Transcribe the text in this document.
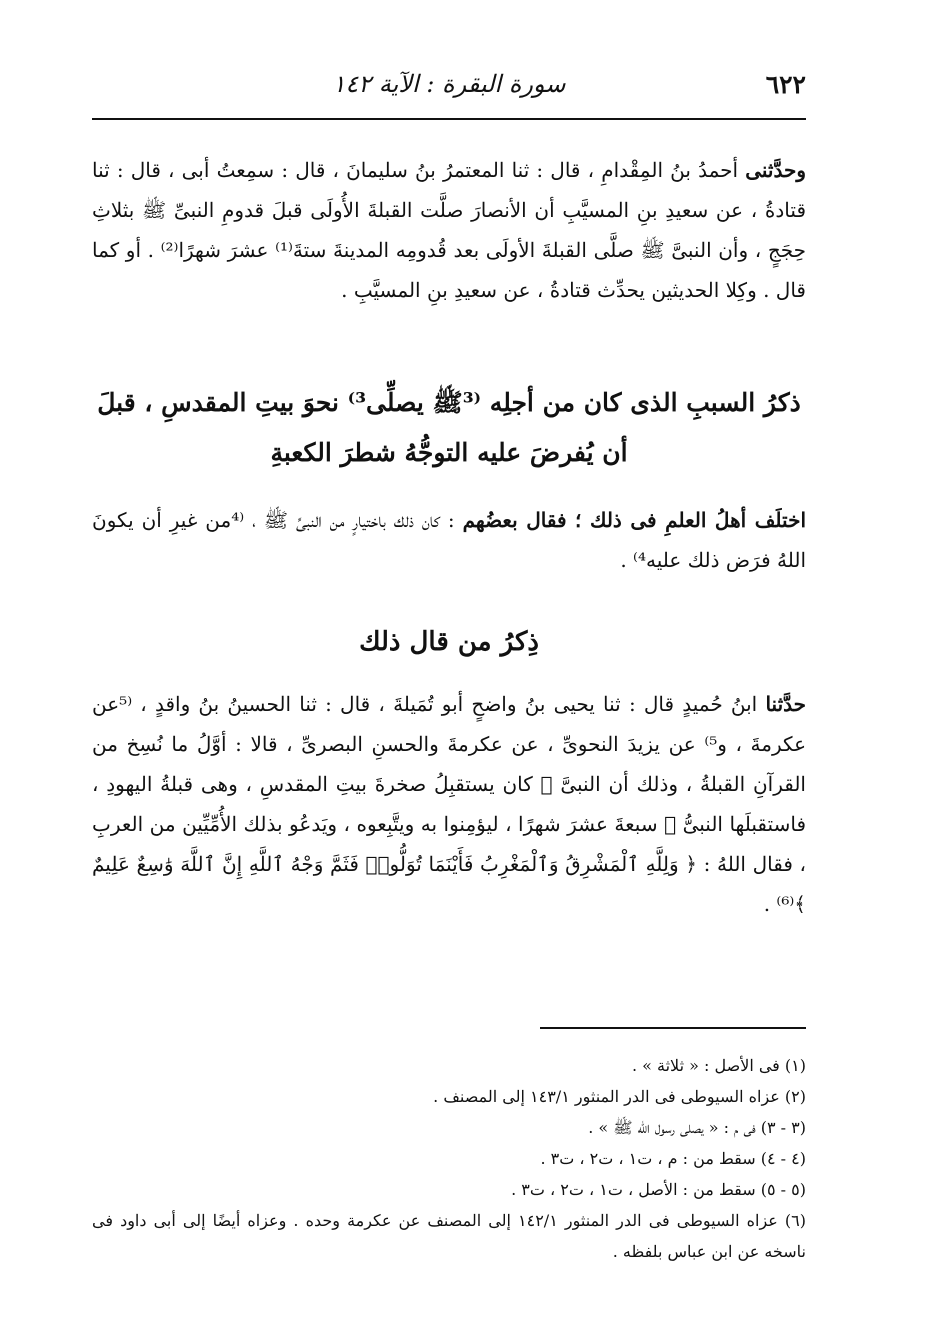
٦٢٢
سورة البقرة : الآية ١٤٢

وحدَّثنى أحمدُ بنُ المِقْدامِ ، قال : ثنا المعتمرُ بنُ سليمانَ ، قال : سمِعتُ أبى ، قال : ثنا قتادةُ ، عن سعيدِ بنِ المسيَّبِ أن الأنصارَ صلَّت القبلةَ الأُولَى قبلَ قدومِ النبىِّ ﷺ بثلاثِ حِجَجٍ ، وأن النبىَّ ﷺ صلَّى القبلةَ الأولَى بعد قُدومِه المدينةَ ستةَ⁽¹⁾ عشرَ شهرًا⁽²⁾ . أو كما قال . وكِلا الحديثين يحدِّث قتادةُ ، عن سعيدِ بنِ المسيَّبِ .

ذكرُ السببِ الذى كان من أجلِه ⁽³ﷺ يصلِّى³⁾ نحوَ بيتِ المقدسِ ، قبلَ أن يُفرضَ عليه التوجُّهُ شطرَ الكعبةِ

اختلَف أهلُ العلمِ فى ذلك ؛ فقال بعضُهم : كان ذلك باختيارٍ من النبىِّ ﷺ ، ⁽⁴من غيرِ أن يكونَ اللهُ فرَض ذلك عليه⁴⁾ .

ذِكرُ من قال ذلك

حدَّثنا ابنُ حُميدٍ قال : ثنا يحيى بنُ واضحٍ أبو تُمَيلةَ ، قال : ثنا الحسينُ بنُ واقدٍ ، ⁽⁵عن عكرمةَ ، و⁵⁾ عن يزيدَ النحوىِّ ، عن عكرمةَ والحسنِ البصرىِّ ، قالا : أوَّلُ ما نُسِخ من القرآنِ القبلةُ ، وذلك أن النبىَّ ﷺ كان يستقبِلُ صخرةَ بيتِ المقدسِ ، وهى قبلةُ اليهودِ ، فاستقبلَها النبىُّ ﷺ سبعةَ عشرَ شهرًا ، ليؤمِنوا به ويتَّبِعوه ، ويَدعُو بذلك الأُمِّيِّين من العربِ ، فقال اللهُ : ﴿ وَلِلَّهِ ٱلْمَشْرِقُ وَٱلْمَغْرِبُ فَأَيْنَمَا تُوَلُّوا۟ فَثَمَّ وَجْهُ ٱللَّهِ إِنَّ ٱللَّهَ وَٰسِعٌ عَلِيمٌ ﴾⁽⁶⁾ .

(١) فى الأصل : « ثلاثة » .

(٢) عزاه السيوطى فى الدر المنثور ١٤٣/١ إلى المصنف .

(٣ - ٣) فى م : « يصلى رسول الله ﷺ » .

(٤ - ٤) سقط من : م ، ت١ ، ت٢ ، ت٣ .

(٥ - ٥) سقط من : الأصل ، ت١ ، ت٢ ، ت٣ .

(٦) عزاه السيوطى فى الدر المنثور ١٤٢/١ إلى المصنف عن عكرمة وحده . وعزاه أيضًا إلى أبى داود فى ناسخه عن ابن عباس بلفظه .
